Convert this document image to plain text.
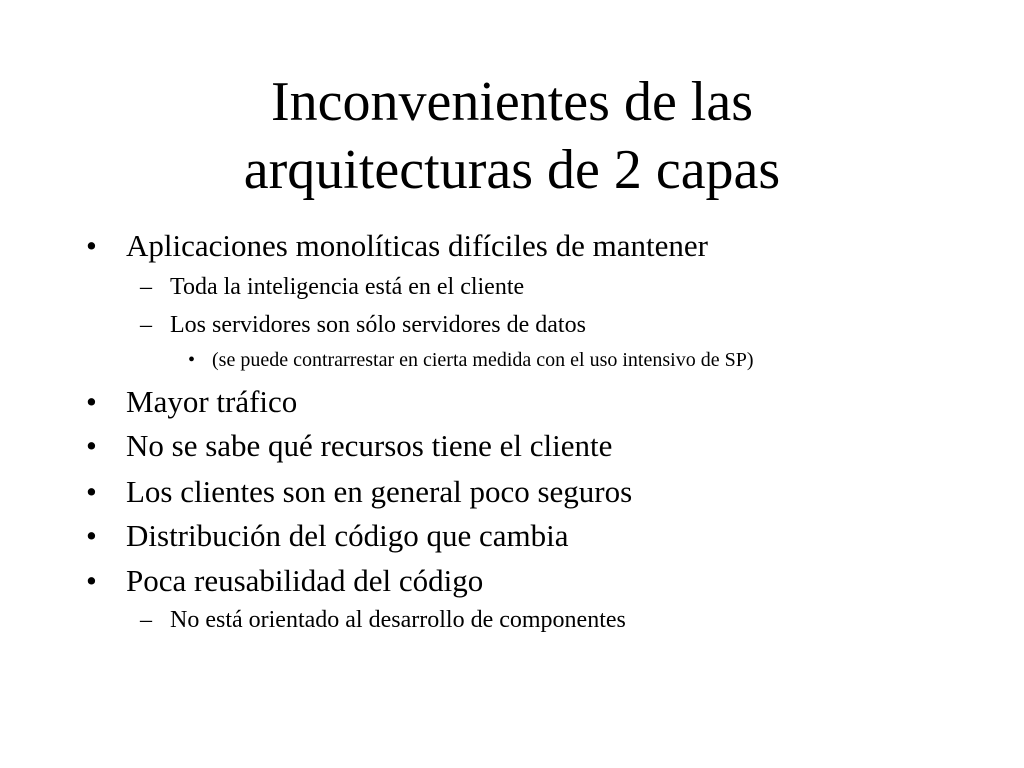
Inconvenientes de las
arquitecturas de 2 capas
• Aplicaciones monolíticas difíciles de mantener
– Toda la inteligencia está en el cliente
– Los servidores son sólo servidores de datos
• (se puede contrarrestar en cierta medida con el uso intensivo de SP)
• Mayor tráfico
• No se sabe qué recursos tiene el cliente
• Los clientes son en general poco seguros
• Distribución del código que cambia
• Poca reusabilidad del código
– No está orientado al desarrollo de componentes
